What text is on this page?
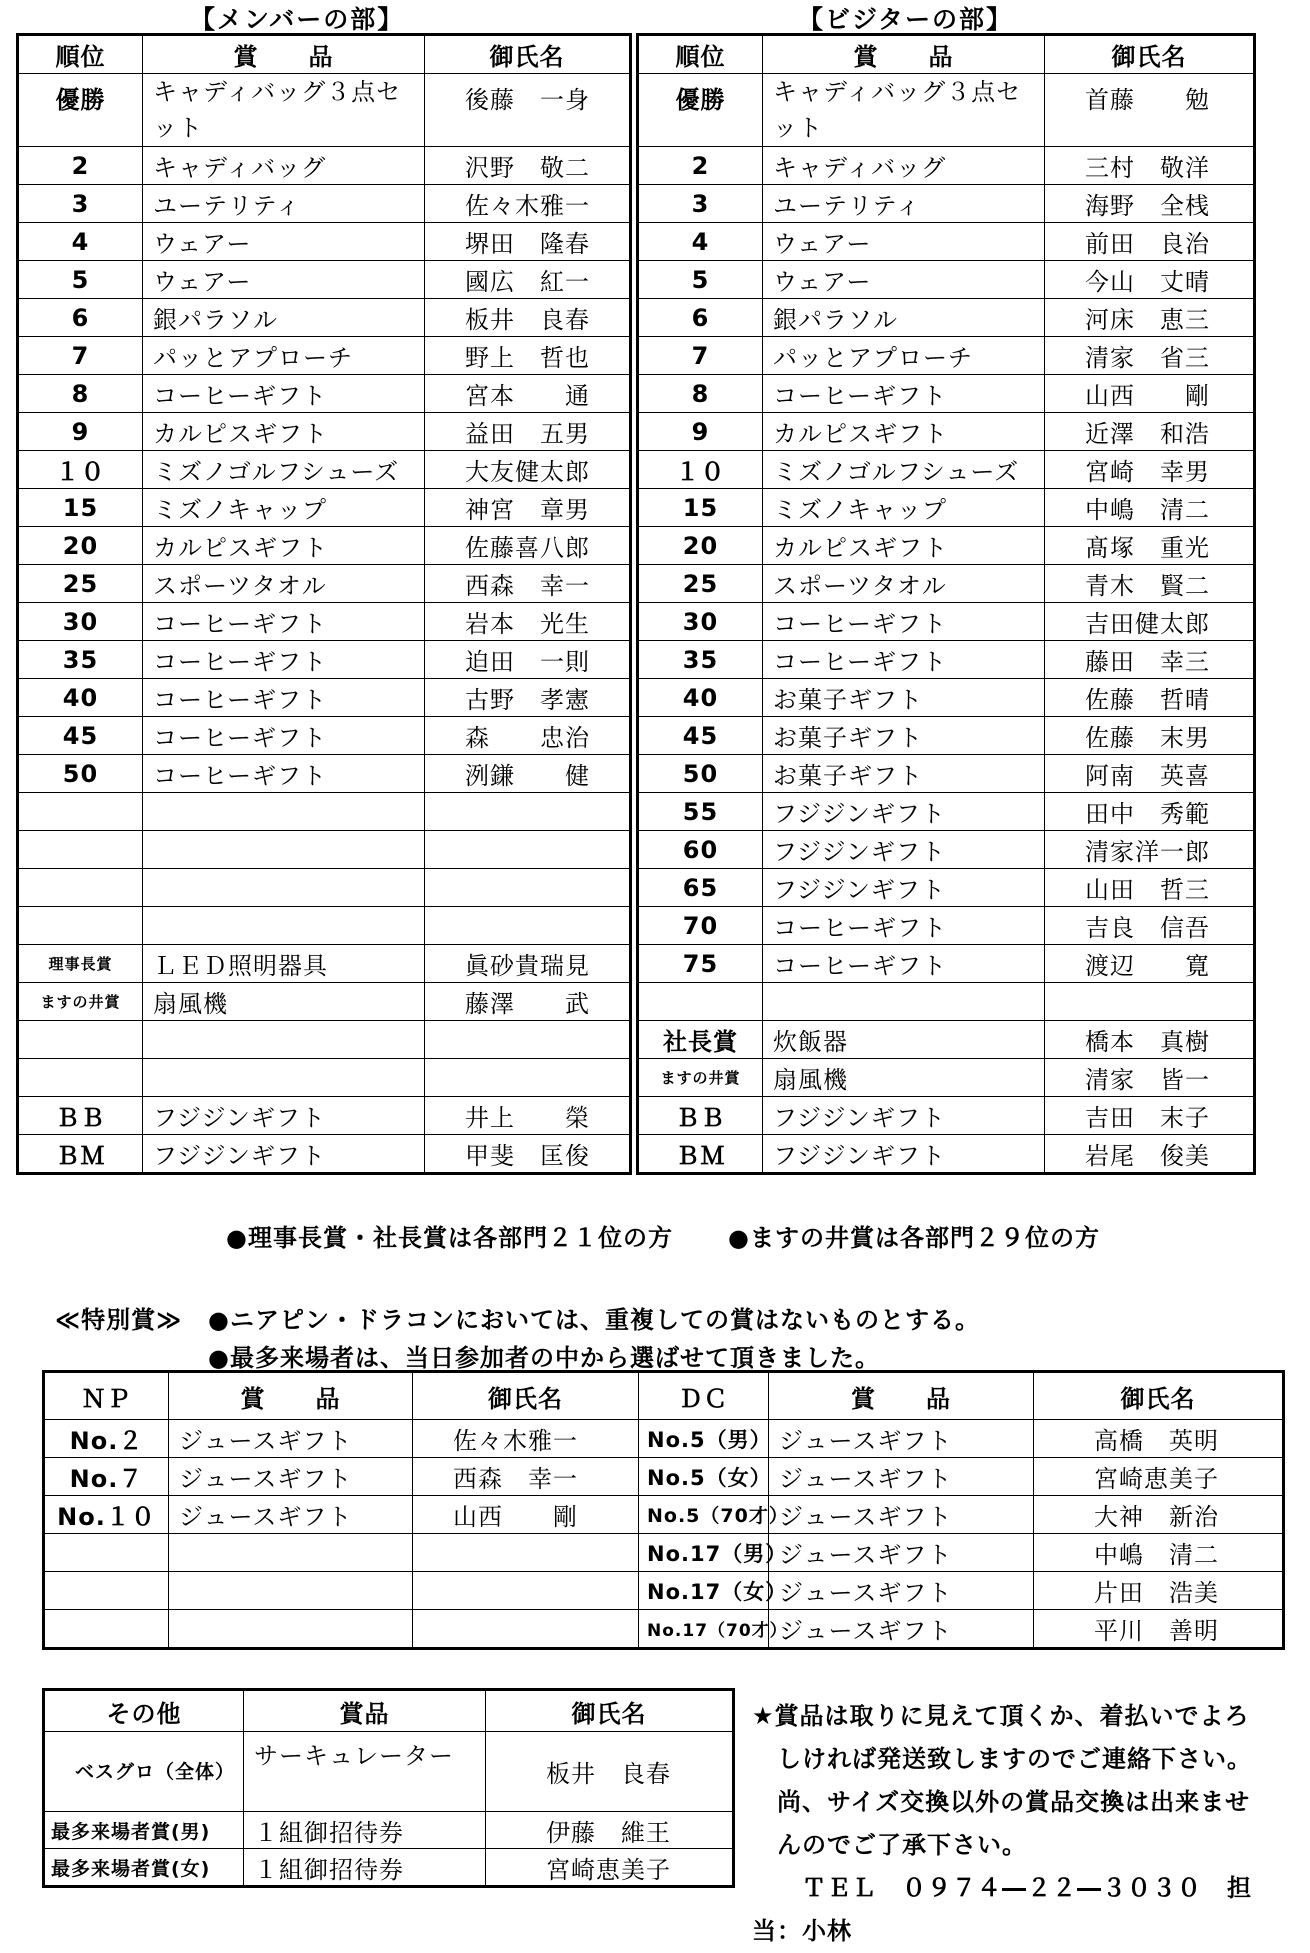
【メンバーの部】	【ビジターの部】
順位	賞　　品	御氏名
優勝	キャディバッグ３点セット	後藤　一身
2	キャディバッグ	沢野　敬二
3	ユーテリティ	佐々木雅一
4	ウェアー	堺田　隆春
5	ウェアー	國広　紅一
6	銀パラソル	板井　良春
7	パッとアプローチ	野上　哲也
8	コーヒーギフト	宮本　　通
9	カルピスギフト	益田　五男
１０	ミズノゴルフシューズ	大友健太郎
15	ミズノキャップ	神宮　章男
20	カルピスギフト	佐藤喜八郎
25	スポーツタオル	西森　幸一
30	コーヒーギフト	岩本　光生
35	コーヒーギフト	迫田　一則
40	コーヒーギフト	古野　孝憲
45	コーヒーギフト	森　　忠治
50	コーヒーギフト	洌鎌　　健

理事長賞	ＬＥＤ照明器具	眞砂貴瑞見
ますの井賞	扇風機	藤澤　　武

ＢＢ	フジジンギフト	井上　　榮
ＢＭ	フジジンギフト	甲斐　匡俊
順位	賞　　品	御氏名
優勝	キャディバッグ３点セット	首藤　　勉
2	キャディバッグ	三村　敬洋
3	ユーテリティ	海野　全桟
4	ウェアー	前田　良治
5	ウェアー	今山　丈晴
6	銀パラソル	河床　恵三
7	パッとアプローチ	清家　省三
8	コーヒーギフト	山西　　剛
9	カルピスギフト	近澤　和浩
１０	ミズノゴルフシューズ	宮崎　幸男
15	ミズノキャップ	中嶋　清二
20	カルピスギフト	髙塚　重光
25	スポーツタオル	青木　賢二
30	コーヒーギフト	吉田健太郎
35	コーヒーギフト	藤田　幸三
40	お菓子ギフト	佐藤　哲晴
45	お菓子ギフト	佐藤　末男
50	お菓子ギフト	阿南　英喜
55	フジジンギフト	田中　秀範
60	フジジンギフト	清家洋一郎
65	フジジンギフト	山田　哲三
70	コーヒーギフト	吉良　信吾
75	コーヒーギフト	渡辺　　寛

社長賞	炊飯器	橋本　真樹
ますの井賞	扇風機	清家　皆一
ＢＢ	フジジンギフト	吉田　末子
ＢＭ	フジジンギフト	岩尾　俊美
●理事長賞・社長賞は各部門２１位の方 ●ますの井賞は各部門２９位の方
≪特別賞≫ ●ニアピン・ドラコンにおいては、重複しての賞はないものとする。
●最多来場者は、当日参加者の中から選ばせて頂きました。
ＮＰ	賞　　品	御氏名	ＤＣ	賞　　品	御氏名
No.２	ジュースギフト	佐々木雅一	No.5（男）	ジュースギフト	高橋　英明
No.７	ジュースギフト	西森　幸一	No.5（女）	ジュースギフト	宮崎恵美子
No.１０	ジュースギフト	山西　　剛	No.5（70才）	ジュースギフト	大神　新治
			No.17（男）	ジュースギフト	中嶋　清二
			No.17（女）	ジュースギフト	片田　浩美
			No.17（70才）	ジュースギフト	平川　善明
その他	賞品	御氏名
ベスグロ（全体）	サーキュレーター	板井　良春
最多来場者賞(男)	１組御招待券	伊藤　維王
最多来場者賞(女)	１組御招待券	宮崎恵美子
★賞品は取りに見えて頂くか、着払いでよろ
　しければ発送致しますのでご連絡下さい。
　尚、サイズ交換以外の賞品交換は出来ませ
　んのでご了承下さい。
　　ＴＥＬ　０９７４―２２―３０３０　担
当：小林
